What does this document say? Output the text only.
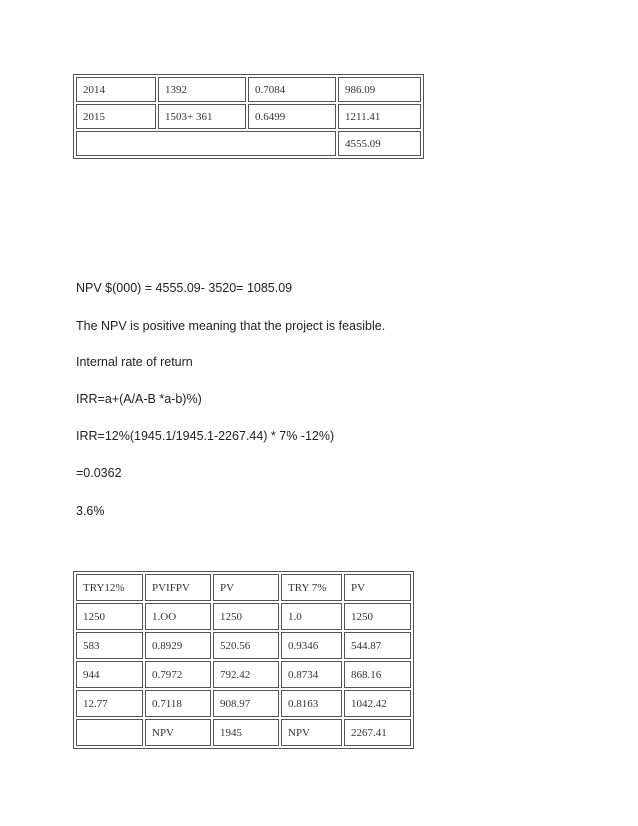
2014	1392	0.7084	986.09
2015	1503+ 361	0.6499	1211.41
			4555.09
NPV $(000) = 4555.09- 3520= 1085.09
The NPV is positive meaning that the project is feasible.
Internal rate of return
IRR=a+(A/A-B *a-b)%)
IRR=12%(1945.1/1945.1-2267.44) * 7% -12%)
=0.0362
3.6%
TRY12%	PVIFPV	PV	TRY 7%	PV
1250	1.OO	1250	1.0	1250
583	0.8929	520.56	0.9346	544.87
944	0.7972	792.42	0.8734	868.16
12.77	0.7118	908.97	0.8163	1042.42
	NPV	1945	NPV	2267.41
